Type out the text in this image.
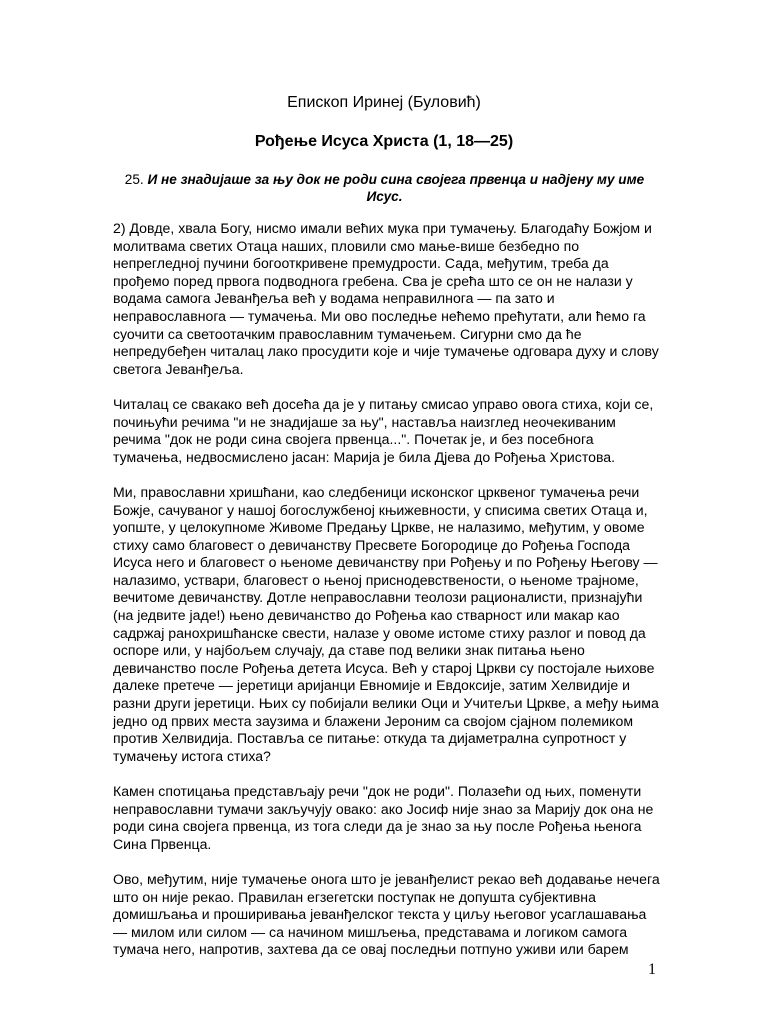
Епископ Иринеј (Буловић)
Рођење Исуса Христа (1, 18—25)
25. И не знадијаше за њу док не роди сина својега првенца и надјену му име Исус.

2) Довде, хвала Богу, нисмо имали већих мука при тумачењу. Благодаћу Божјом и молитвама светих Отаца наших, пловили смо мање-више безбедно по непрегледној пучини богооткривене премудрости. Сада, међутим, треба да прођемо поред првога подводнога гребена. Сва је срећа што се он не налази у водама самога Јеванђеља већ у водама неправилнога — па зато и неправославнога — тумачења. Ми ово последње нећемо прећутати, али ћемо га суочити са светоотачким православним тумачењем. Сигурни смо да ће непредубеђен читалац лако просудити које и чије тумачење одговара духу и слову светога Јеванђеља.

Читалац се свакако већ досећа да је у питању смисао управо овога стиха, који се, почињући речима "и не знадијаше за њу", наставља наизглед неочекиваним речима "док не роди сина својега првенца...". Почетак је, и без посебнога тумачења, недвосмислено јасан: Марија је била Дјева до Рођења Христова.

Ми, православни хришћани, као следбеници исконског црквеног тумачења речи Божје, сачуваног у нашој богослужбеној књижевности, у списима светих Отаца и, уопште, у целокупноме Живоме Предању Цркве, не налазимо, међутим, у овоме стиху само благовест о девичанству Пресвете Богородице до Рођења Господа Исуса него и благовест о њеноме девичанству при Рођењу и по Рођењу Његову — налазимо, уствари, благовест о њеној приснодевствености, о њеноме трајноме, вечитоме девичанству. Дотле неправославни теолози рационалисти, признајући (на једвите јаде!) њено девичанство до Рођења као стварност или макар као садржај ранохришћанске свести, налазе у овоме истоме стиху разлог и повод да оспоре или, у најбољем случају, да ставе под велики знак питања њено девичанство после Рођења детета Исуса. Већ у старој Цркви су постојале њихове далеке претече — јеретици аријанци Евномије и Евдоксије, затим Хелвидије и разни други јеретици. Њих су побијали велики Оци и Учитељи Цркве, а међу њима једно од првих места заузима и блажени Јероним са својом сјајном полемиком против Хелвидија. Поставља се питање: откуда та дијаметрална супротност у тумачењу истога стиха?

Камен спотицања представљају речи "док не роди". Полазећи од њих, поменути неправославни тумачи закључују овако: ако Јосиф није знао за Марију док она не роди сина својега првенца, из тога следи да је знао за њу после Рођења њенога Сина Првенца.

Ово, међутим, није тумачење онога што је јеванђелист рекао већ додавање нечега што он није рекао. Правилан егзегетски поступак не допушта субјективна домишљања и проширивања јеванђелског текста у циљу његовог усаглашавања — милом или силом — са начином мишљења, представама и логиком самога тумача него, напротив, захтева да се овај последњи потпуно уживи или барем

1
